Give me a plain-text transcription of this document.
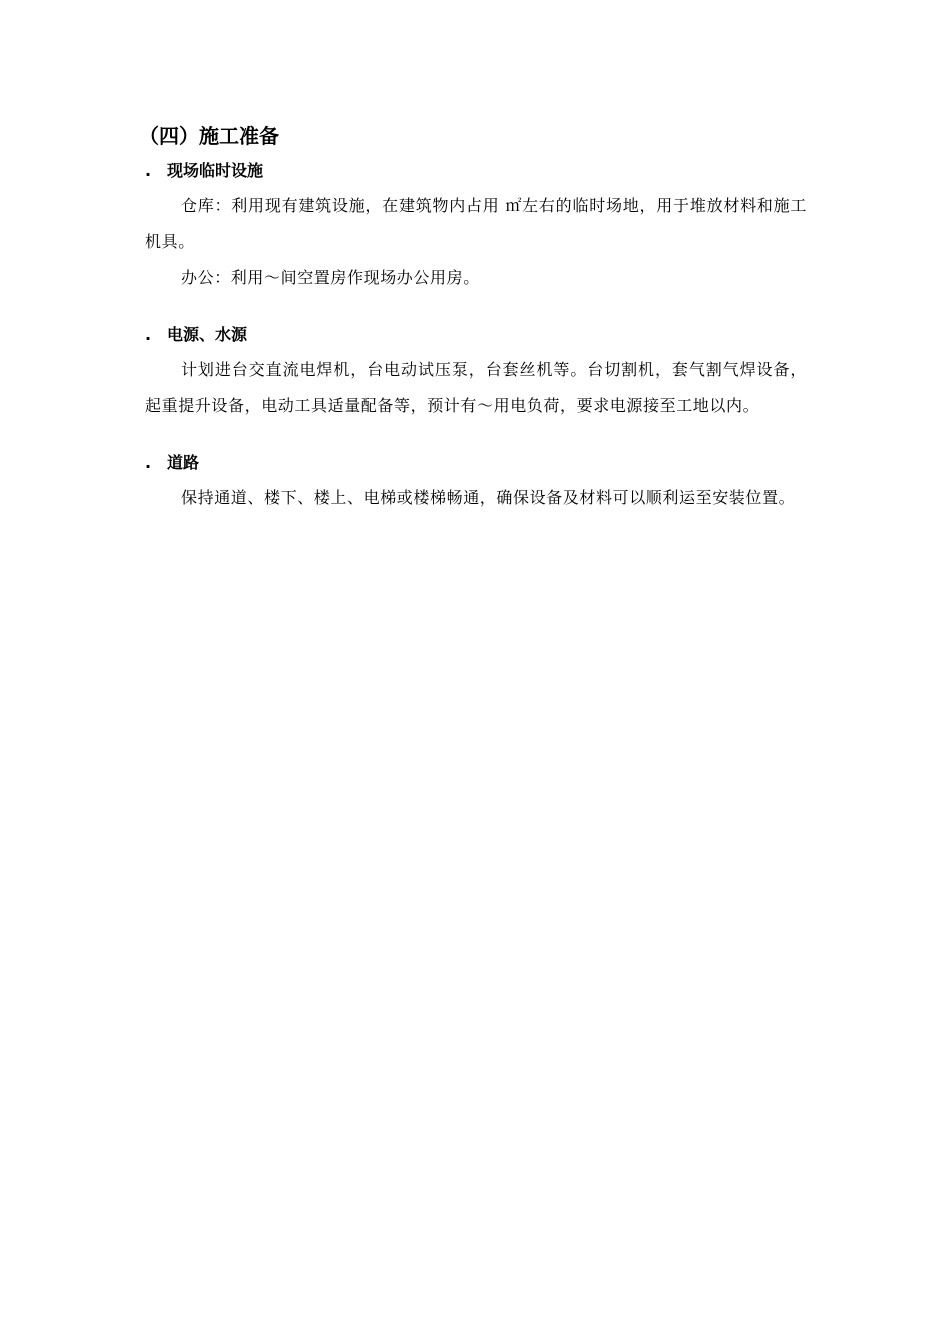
（四）施工准备
. 现场临时设施

仓库：利用现有建筑设施，在建筑物内占用 ㎡左右的临时场地，用于堆放材料和施工机具。

办公：利用～间空置房作现场办公用房。

. 电源、水源

计划进台交直流电焊机，台电动试压泵，台套丝机等。台切割机，套气割气焊设备，起重提升设备，电动工具适量配备等，预计有～用电负荷，要求电源接至工地以内。

. 道路

保持通道、楼下、楼上、电梯或楼梯畅通，确保设备及材料可以顺利运至安装位置。
